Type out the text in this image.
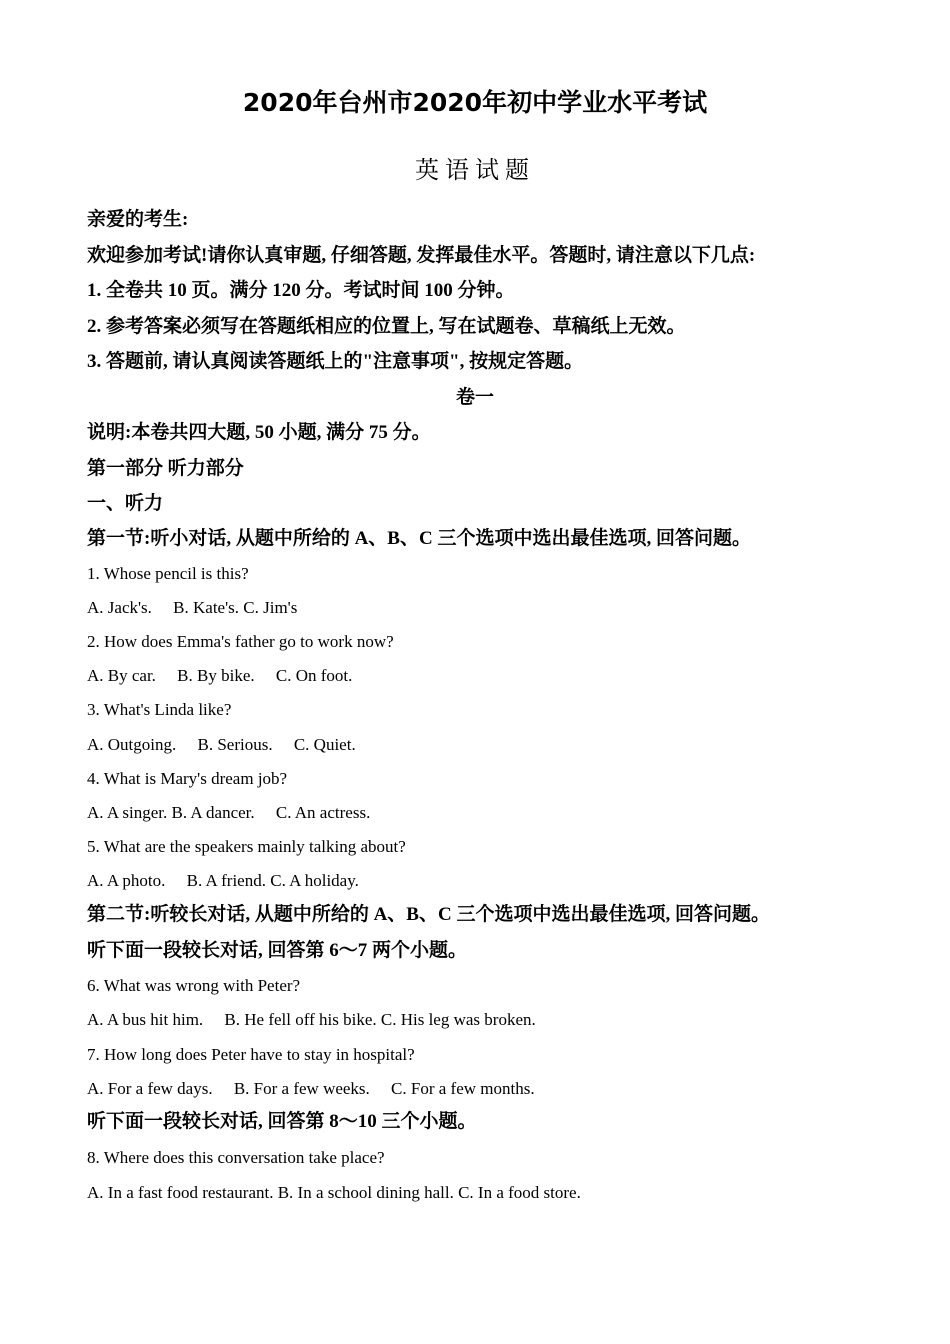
2020年台州市2020年初中学业水平考试
英语试题
亲爱的考生:
欢迎参加考试!请你认真审题, 仔细答题, 发挥最佳水平。答题时, 请注意以下几点:
1. 全卷共 10 页。满分 120 分。考试时间 100 分钟。
2. 参考答案必须写在答题纸相应的位置上, 写在试题卷、草稿纸上无效。
3. 答题前, 请认真阅读答题纸上的"注意事项", 按规定答题。
卷一
说明:本卷共四大题, 50 小题, 满分 75 分。
第一部分 听力部分
一、听力
第一节:听小对话, 从题中所给的 A、B、C 三个选项中选出最佳选项, 回答问题。
1. Whose pencil is this?
A. Jack's.     B. Kate's. C. Jim's
2. How does Emma's father go to work now?
A. By car.     B. By bike.     C. On foot.
3. What's Linda like?
A. Outgoing.     B. Serious.     C. Quiet.
4. What is Mary's dream job?
A. A singer. B. A dancer.     C. An actress.
5. What are the speakers mainly talking about?
A. A photo.     B. A friend. C. A holiday.
第二节:听较长对话, 从题中所给的 A、B、C 三个选项中选出最佳选项, 回答问题。
听下面一段较长对话, 回答第 6～7 两个小题。
6. What was wrong with Peter?
A. A bus hit him.     B. He fell off his bike. C. His leg was broken.
7. How long does Peter have to stay in hospital?
A. For a few days.     B. For a few weeks.     C. For a few months.
听下面一段较长对话, 回答第 8～10 三个小题。
8. Where does this conversation take place?
A. In a fast food restaurant. B. In a school dining hall. C. In a food store.
